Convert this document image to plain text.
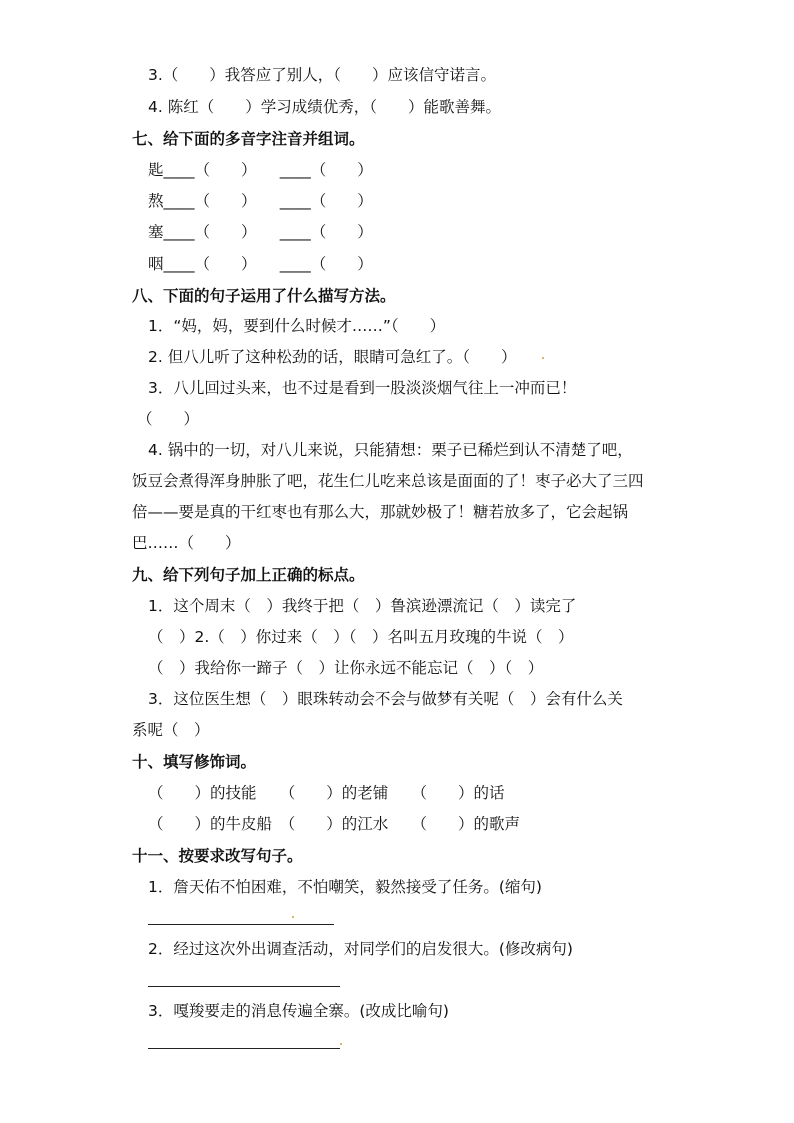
3.（　　）我答应了别人，（　　）应该信守诺言。
4. 陈红（　　）学习成绩优秀，（　　）能歌善舞。
七、给下面的多音字注音并组词。
匙____（　　）　　____（　　）
熬____（　　）　　____（　　）
塞____（　　）　　____（　　）
咽____（　　）　　____（　　）
八、下面的句子运用了什么描写方法。
1．“妈，妈，要到什么时候才……”（　　）
2. 但八儿听了这种松劲的话，眼睛可急红了。（　　）
3．八儿回过头来，也不过是看到一股淡淡烟气往上一冲而已！
（　　）
4. 锅中的一切，对八儿来说，只能猜想：栗子已稀烂到认不清楚了吧，
饭豆会煮得浑身肿胀了吧，花生仁儿吃来总该是面面的了！枣子必大了三四
倍——要是真的干红枣也有那么大，那就妙极了！糖若放多了，它会起锅
巴……（　　）
九、给下列句子加上正确的标点。
1．这个周末（　）我终于把（　）鲁滨逊漂流记（　）读完了
（　）2.（　）你过来（　）（　）名叫五月玫瑰的牛说（　）
（　）我给你一蹄子（　）让你永远不能忘记（　）（　）
3．这位医生想（　）眼珠转动会不会与做梦有关呢（　）会有什么关
系呢（　）
十、填写修饰词。
（　　）的技能　　（　　）的老铺　　（　　）的话
（　　）的牛皮船　（　　）的江水　　（　　）的歌声
十一、按要求改写句子。
1．詹天佑不怕困难，不怕嘲笑，毅然接受了任务。(缩句)
2．经过这次外出调查活动，对同学们的启发很大。(修改病句)
3．嘎羧要走的消息传遍全寨。(改成比喻句)
